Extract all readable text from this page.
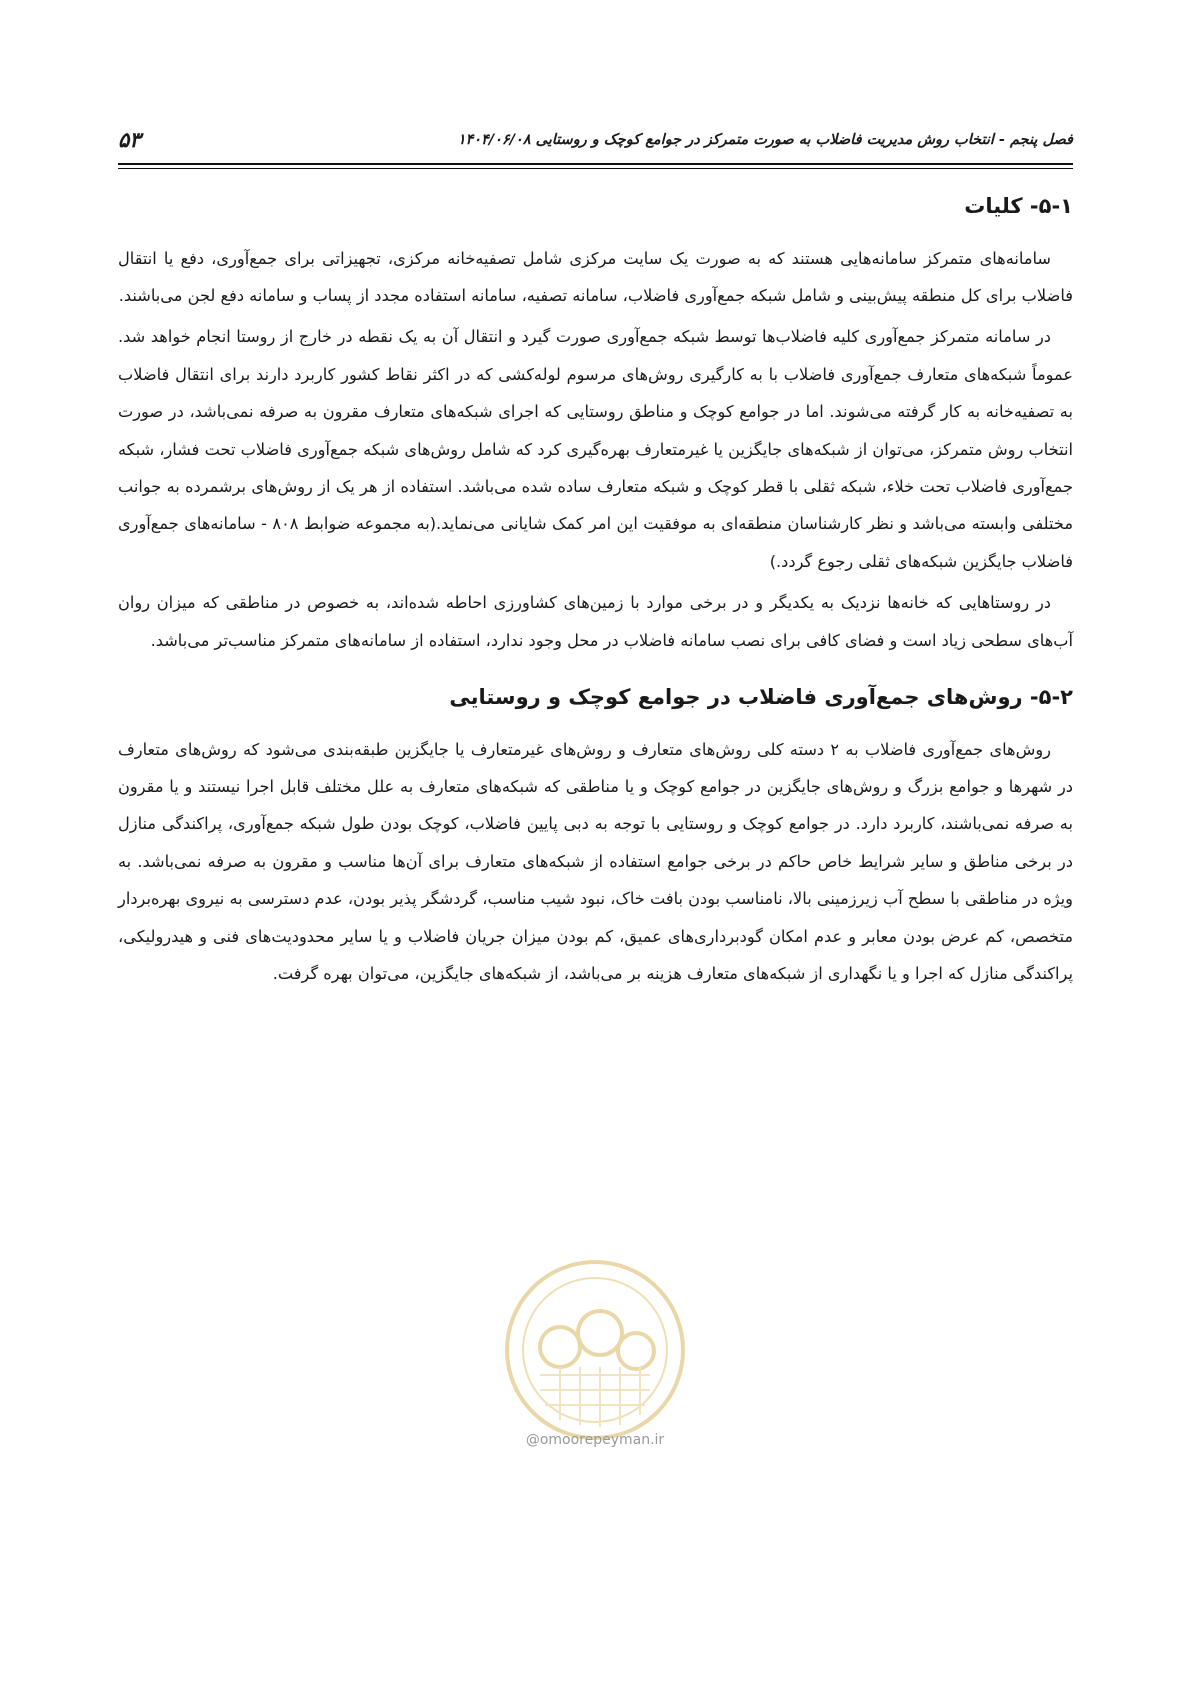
فصل پنجم - انتخاب روش مدیریت فاضلاب به صورت متمرکز در جوامع کوچک و روستایی ۱۴۰۴/۰۶/۰۸
۵۳
۵-۱- کلیات

سامانه‌های متمرکز سامانه‌هایی هستند که به صورت یک سایت مرکزی شامل تصفیه‌خانه مرکزی، تجهیزاتی برای جمع‌آوری، دفع یا انتقال فاضلاب برای کل منطقه پیش‌بینی و شامل شبکه جمع‌آوری فاضلاب، سامانه تصفیه، سامانه استفاده مجدد از پساب و سامانه دفع لجن می‌باشند.

در سامانه متمرکز جمع‌آوری کلیه فاضلاب‌ها توسط شبکه جمع‌آوری صورت گیرد و انتقال آن به یک نقطه در خارج از روستا انجام خواهد شد. عموماً شبکه‌های متعارف جمع‌آوری فاضلاب با به کارگیری روش‌های مرسوم لوله‌کشی که در اکثر نقاط کشور کاربرد دارند برای انتقال فاضلاب به تصفیه‌خانه به کار گرفته می‌شوند. اما در جوامع کوچک و مناطق روستایی که اجرای شبکه‌های متعارف مقرون به صرفه نمی‌باشد، در صورت انتخاب روش متمرکز، می‌توان از شبکه‌های جایگزین یا غیرمتعارف بهره‌گیری کرد که شامل روش‌های شبکه جمع‌آوری فاضلاب تحت فشار، شبکه جمع‌آوری فاضلاب تحت خلاء، شبکه ثقلی با قطر کوچک و شبکه متعارف ساده شده می‌باشد. استفاده از هر یک از روش‌های برشمرده به جوانب مختلفی وابسته می‌باشد و نظر کارشناسان منطقه‌ای به موفقیت این امر کمک شایانی می‌نماید.(به مجموعه ضوابط ۸۰۸ - سامانه‌های جمع‌آوری فاضلاب جایگزین شبکه‌های ثقلی رجوع گردد.)

در روستاهایی که خانه‌ها نزدیک به یکدیگر و در برخی موارد با زمین‌های کشاورزی احاطه شده‌اند، به خصوص در مناطقی که میزان روان آب‌های سطحی زیاد است و فضای کافی برای نصب سامانه فاضلاب در محل وجود ندارد، استفاده از سامانه‌های متمرکز مناسب‌تر می‌باشد.

۵-۲- روش‌های جمع‌آوری فاضلاب در جوامع کوچک و روستایی

روش‌های جمع‌آوری فاضلاب به ۲ دسته کلی روش‌های متعارف و روش‌های غیرمتعارف یا جایگزین طبقه‌بندی می‌شود که روش‌های متعارف در شهرها و جوامع بزرگ و روش‌های جایگزین در جوامع کوچک و یا مناطقی که شبکه‌های متعارف به علل مختلف قابل اجرا نیستند و یا مقرون به صرفه نمی‌باشند، کاربرد دارد. در جوامع کوچک و روستایی با توجه به دبی پایین فاضلاب، کوچک بودن طول شبکه جمع‌آوری، پراکندگی منازل در برخی مناطق و سایر شرایط خاص حاکم در برخی جوامع استفاده از شبکه‌های متعارف برای آن‌ها مناسب و مقرون به صرفه نمی‌باشد. به ویژه در مناطقی با سطح آب زیرزمینی بالا، نامناسب بودن بافت خاک، نبود شیب مناسب، گردشگر پذیر بودن، عدم دسترسی به نیروی بهره‌بردار متخصص، کم عرض بودن معابر و عدم امکان گودبرداری‌های عمیق، کم بودن میزان جریان فاضلاب و یا سایر محدودیت‌های فنی و هیدرولیکی، پراکندگی منازل که اجرا و یا نگهداری از شبکه‌های متعارف هزینه بر می‌باشد، از شبکه‌های جایگزین، می‌توان بهره گرفت.

@omoorepeyman.ir
